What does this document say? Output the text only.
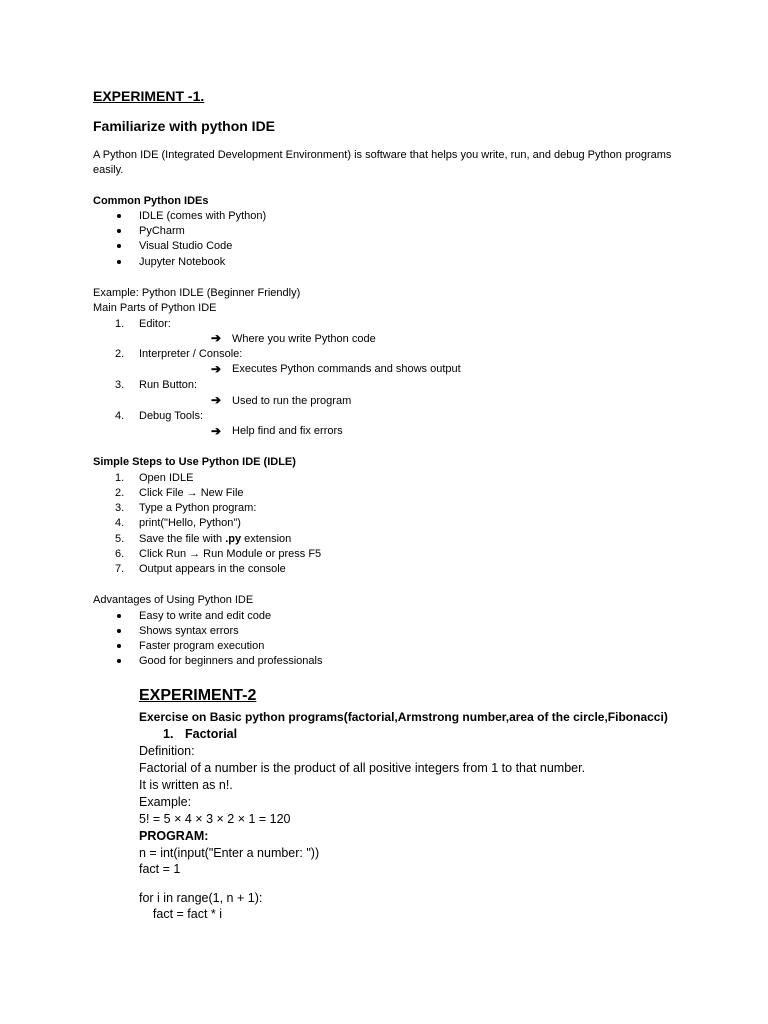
EXPERIMENT -1.
Familiarize with python IDE
A Python IDE (Integrated Development Environment) is software that helps you write, run, and debug Python programs
easily.
Common Python IDEs
IDLE (comes with Python)
PyCharm
Visual Studio Code
Jupyter Notebook
Example: Python IDLE (Beginner Friendly)
Main Parts of Python IDE
1. Editor:
➔ Where you write Python code
2. Interpreter / Console:
➔ Executes Python commands and shows output
3. Run Button:
➔ Used to run the program
4. Debug Tools:
➔ Help find and fix errors
Simple Steps to Use Python IDE (IDLE)
1. Open IDLE
2. Click File → New File
3. Type a Python program:
4. print("Hello, Python")
5. Save the file with .py extension
6. Click Run → Run Module or press F5
7. Output appears in the console
Advantages of Using Python IDE
Easy to write and edit code
Shows syntax errors
Faster program execution
Good for beginners and professionals
EXPERIMENT-2
Exercise on Basic python programs(factorial,Armstrong number,area of the circle,Fibonacci)
1. Factorial
Definition:
Factorial of a number is the product of all positive integers from 1 to that number.
It is written as n!.
Example:
5! = 5 × 4 × 3 × 2 × 1 = 120
PROGRAM:
n = int(input("Enter a number: "))
fact = 1
for i in range(1, n + 1):
fact = fact * i
